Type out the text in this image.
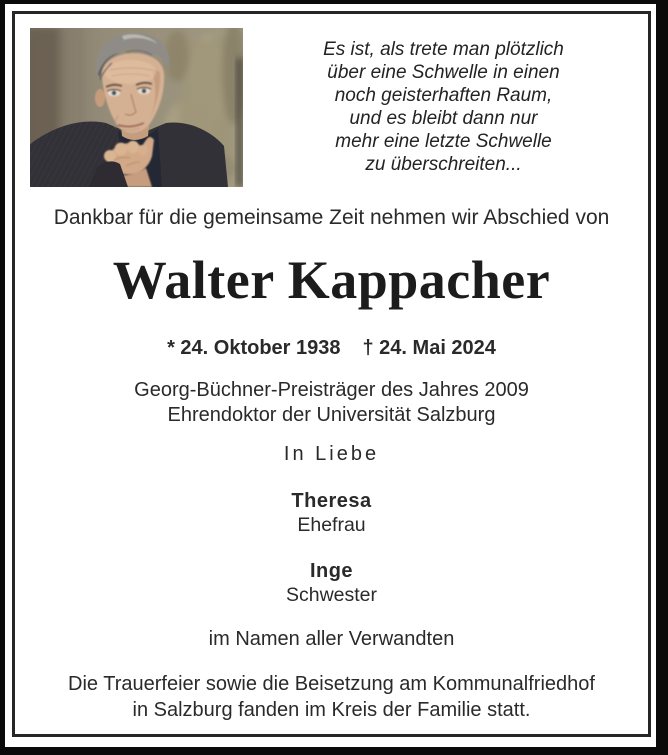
Es ist, als trete man plötzlich
über eine Schwelle in einen
noch geisterhaften Raum,
und es bleibt dann nur
mehr eine letzte Schwelle
zu überschreiten...
Dankbar für die gemeinsame Zeit nehmen wir Abschied von
Walter Kappacher
* 24. Oktober 1938 † 24. Mai 2024
Georg-Büchner-Preisträger des Jahres 2009
Ehrendoktor der Universität Salzburg
In Liebe
Theresa
Ehefrau
Inge
Schwester
im Namen aller Verwandten
Die Trauerfeier sowie die Beisetzung am Kommunalfriedhof
in Salzburg fanden im Kreis der Familie statt.
